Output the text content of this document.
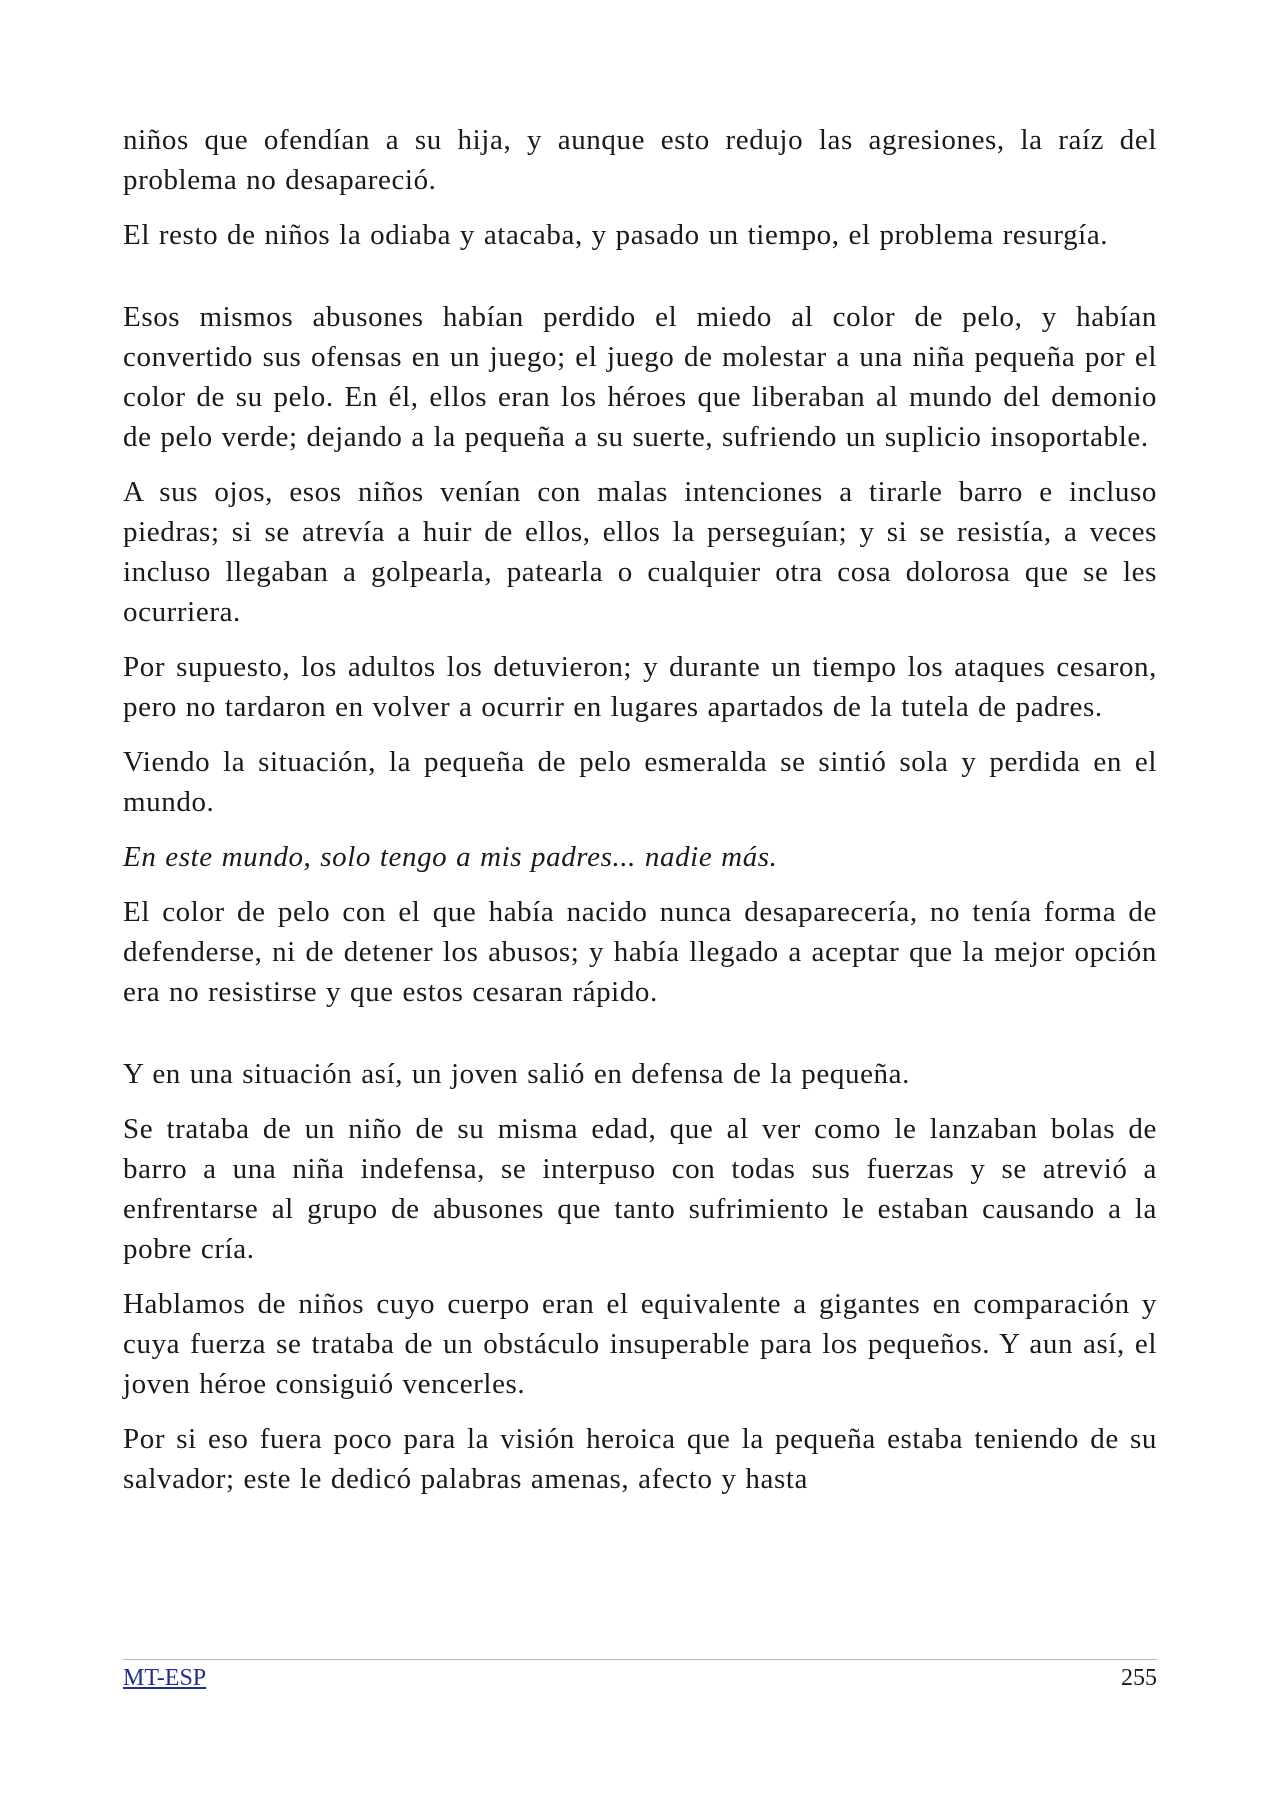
niños que ofendían a su hija, y aunque esto redujo las agresiones, la raíz del problema no desapareció.

El resto de niños la odiaba y atacaba, y pasado un tiempo, el problema resurgía.

Esos mismos abusones habían perdido el miedo al color de pelo, y habían convertido sus ofensas en un juego; el juego de molestar a una niña pequeña por el color de su pelo. En él, ellos eran los héroes que liberaban al mundo del demonio de pelo verde; dejando a la pequeña a su suerte, sufriendo un suplicio insoportable.

A sus ojos, esos niños venían con malas intenciones a tirarle barro e incluso piedras; si se atrevía a huir de ellos, ellos la perseguían; y si se resistía, a veces incluso llegaban a golpearla, patearla o cualquier otra cosa dolorosa que se les ocurriera.

Por supuesto, los adultos los detuvieron; y durante un tiempo los ataques cesaron, pero no tardaron en volver a ocurrir en lugares apartados de la tutela de padres.

Viendo la situación, la pequeña de pelo esmeralda se sintió sola y perdida en el mundo.

En este mundo, solo tengo a mis padres... nadie más.

El color de pelo con el que había nacido nunca desaparecería, no tenía forma de defenderse, ni de detener los abusos; y había llegado a aceptar que la mejor opción era no resistirse y que estos cesaran rápido.

Y en una situación así, un joven salió en defensa de la pequeña.

Se trataba de un niño de su misma edad, que al ver como le lanzaban bolas de barro a una niña indefensa, se interpuso con todas sus fuerzas y se atrevió a enfrentarse al grupo de abusones que tanto sufrimiento le estaban causando a la pobre cría.

Hablamos de niños cuyo cuerpo eran el equivalente a gigantes en comparación y cuya fuerza se trataba de un obstáculo insuperable para los pequeños. Y aun así, el joven héroe consiguió vencerles.

Por si eso fuera poco para la visión heroica que la pequeña estaba teniendo de su salvador; este le dedicó palabras amenas, afecto y hasta

MT-ESP	255
